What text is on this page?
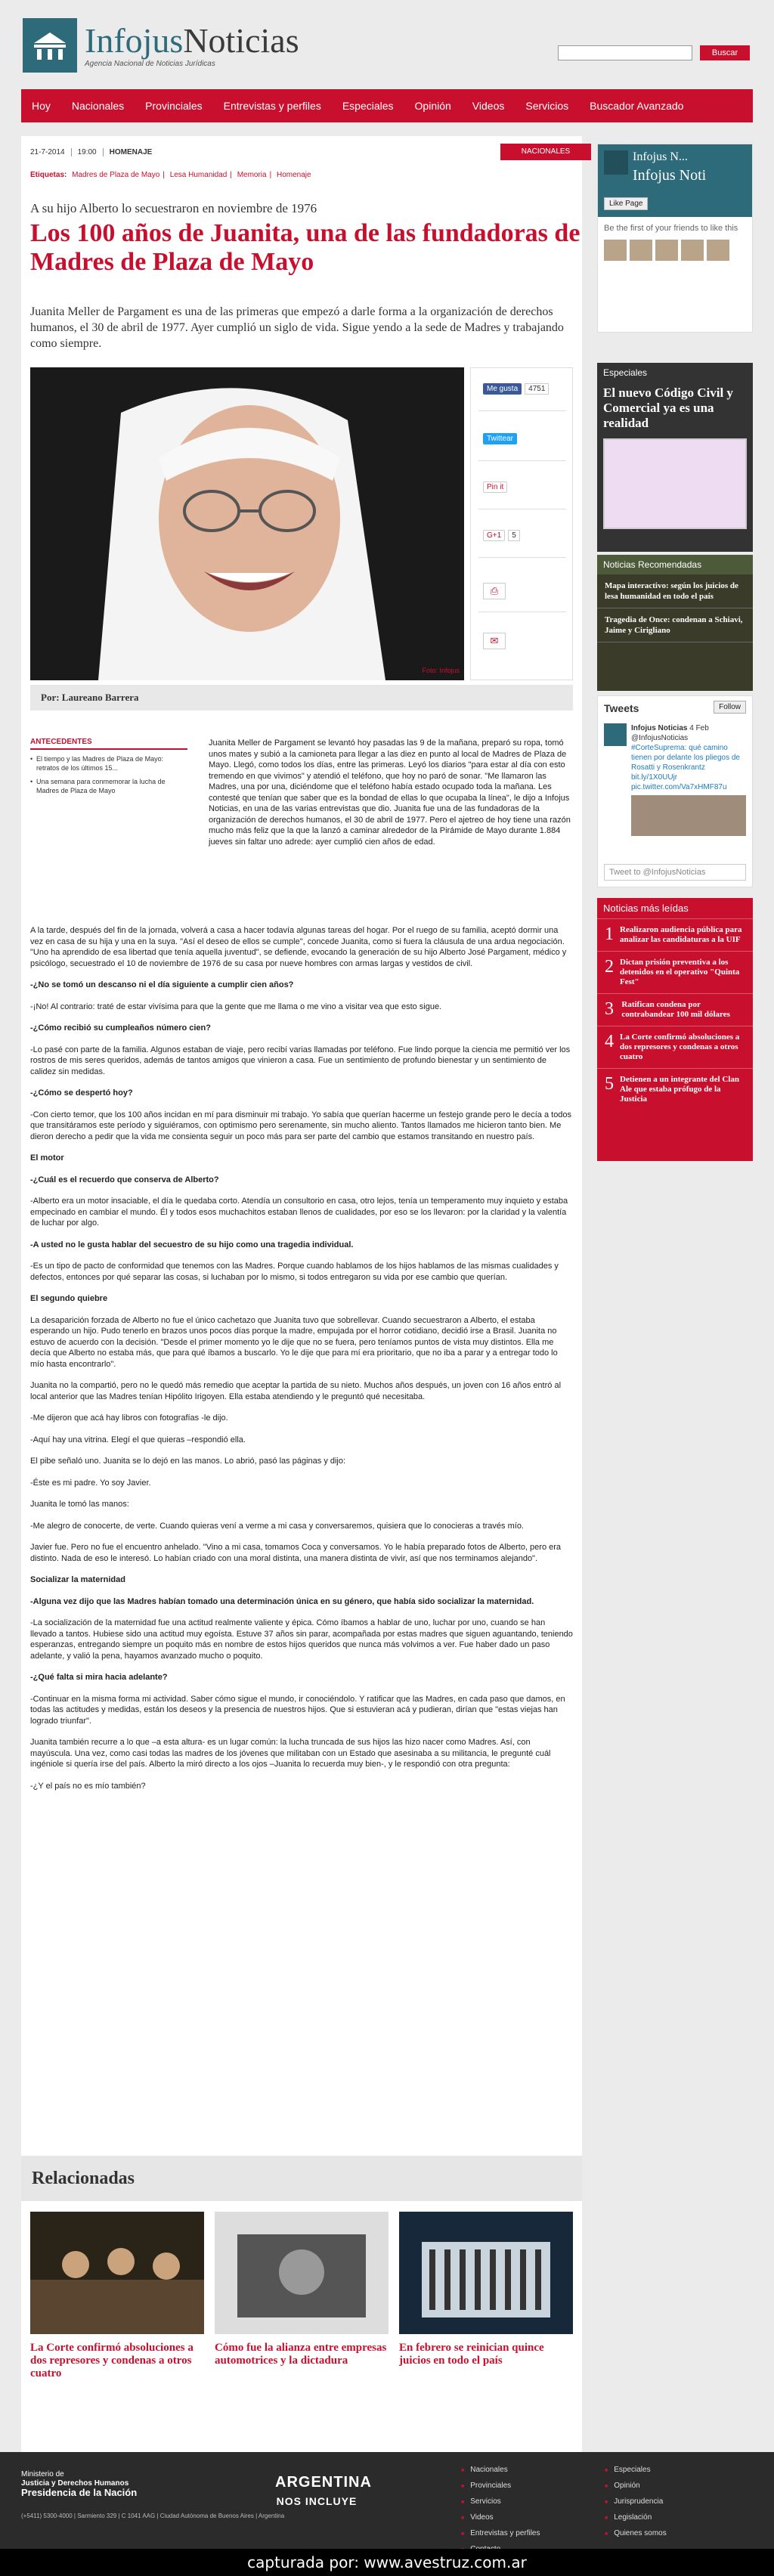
InfojusNoticias
Agencia Nacional de Noticias Jurídicas
Buscar
Hoy Nacionales Provinciales Entrevistas y perfiles Especiales Opinión Videos Servicios Buscador Avanzado
21-7-2014	19:00	HOMENAJE	NACIONALES
Etiquetas: Madres de Plaza de Mayo | Lesa Humanidad | Memoria | Homenaje
A su hijo Alberto lo secuestraron en noviembre de 1976
Los 100 años de Juanita, una de las fundadoras de Madres de Plaza de Mayo

Juanita Meller de Pargament es una de las primeras que empezó a darle forma a la organización de derechos humanos, el 30 de abril de 1977. Ayer cumplió un siglo de vida. Sigue yendo a la sede de Madres y trabajando como siempre.

Foto: Infojus
Me gusta 4751
Twittear
Pin it
G+1 5
⎙
✉
Por: Laureano Barrera
ANTECEDENTES
• El tiempo y las Madres de Plaza de Mayo: retratos de los últimos 15...
• Una semana para conmemorar la lucha de Madres de Plaza de Mayo
Juanita Meller de Pargament se levantó hoy pasadas las 9 de la mañana, preparó su ropa, tomó unos mates y subió a la camioneta para llegar a las diez en punto al local de Madres de Plaza de Mayo. Llegó, como todos los días, entre las primeras. Leyó los diarios "para estar al día con esto tremendo en que vivimos" y atendió el teléfono, que hoy no paró de sonar. "Me llamaron las Madres, una por una, diciéndome que el teléfono había estado ocupado toda la mañana. Les contesté que tenían que saber que es la bondad de ellas lo que ocupaba la línea", le dijo a Infojus Noticias, en una de las varias entrevistas que dio. Juanita fue una de las fundadoras de la organización de derechos humanos, el 30 de abril de 1977. Pero el ajetreo de hoy tiene una razón mucho más feliz que la que la lanzó a caminar alrededor de la Pirámide de Mayo durante 1.884 jueves sin faltar uno adrede: ayer cumplió cien años de edad.

A la tarde, después del fin de la jornada, volverá a casa a hacer todavía algunas tareas del hogar. Por el ruego de su familia, aceptó dormir una vez en casa de su hija y una en la suya. "Así el deseo de ellos se cumple", concede Juanita, como si fuera la cláusula de una ardua negociación. "Uno ha aprendido de esa libertad que tenía aquella juventud", se defiende, evocando la generación de su hijo Alberto José Pargament, médico y psicólogo, secuestrado el 10 de noviembre de 1976 de su casa por nueve hombres con armas largas y vestidos de civil.

-¿No se tomó un descanso ni el día siguiente a cumplir cien años?

-¡No! Al contrario: traté de estar vivísima para que la gente que me llama o me vino a visitar vea que esto sigue.

-¿Cómo recibió su cumpleaños número cien?

-Lo pasé con parte de la familia. Algunos estaban de viaje, pero recibí varias llamadas por teléfono. Fue lindo porque la ciencia me permitió ver los rostros de mis seres queridos, además de tantos amigos que vinieron a casa. Fue un sentimiento de profundo bienestar y un sentimiento de calidez sin medidas.

-¿Cómo se despertó hoy?

-Con cierto temor, que los 100 años incidan en mí para disminuir mi trabajo. Yo sabía que querían hacerme un festejo grande pero le decía a todos que transitáramos este período y siguiéramos, con optimismo pero serenamente, sin mucho aliento. Tantos llamados me hicieron tanto bien. Me dieron derecho a pedir que la vida me consienta seguir un poco más para ser parte del cambio que estamos transitando en nuestro país.

El motor

-¿Cuál es el recuerdo que conserva de Alberto?

-Alberto era un motor insaciable, el día le quedaba corto. Atendía un consultorio en casa, otro lejos, tenía un temperamento muy inquieto y estaba empecinado en cambiar el mundo. Él y todos esos muchachitos estaban llenos de cualidades, por eso se los llevaron: por la claridad y la valentía de luchar por algo.

-A usted no le gusta hablar del secuestro de su hijo como una tragedia individual.

-Es un tipo de pacto de conformidad que tenemos con las Madres. Porque cuando hablamos de los hijos hablamos de las mismas cualidades y defectos, entonces por qué separar las cosas, si luchaban por lo mismo, si todos entregaron su vida por ese cambio que querían.

El segundo quiebre

La desaparición forzada de Alberto no fue el único cachetazo que Juanita tuvo que sobrellevar. Cuando secuestraron a Alberto, el estaba esperando un hijo. Pudo tenerlo en brazos unos pocos días porque la madre, empujada por el horror cotidiano, decidió irse a Brasil. Juanita no estuvo de acuerdo con la decisión. "Desde el primer momento yo le dije que no se fuera, pero teníamos puntos de vista muy distintos. Ella me decía que Alberto no estaba más, que para qué íbamos a buscarlo. Yo le dije que para mí era prioritario, que no iba a parar y a entregar todo lo mío hasta encontrarlo".

Juanita no la compartió, pero no le quedó más remedio que aceptar la partida de su nieto. Muchos años después, un joven con 16 años entró al local anterior que las Madres tenían Hipólito Irigoyen. Ella estaba atendiendo y le preguntó qué necesitaba.

-Me dijeron que acá hay libros con fotografías -le dijo.

-Aquí hay una vitrina. Elegí el que quieras –respondió ella.

El pibe señaló uno. Juanita se lo dejó en las manos. Lo abrió, pasó las páginas y dijo:

-Éste es mi padre. Yo soy Javier.

Juanita le tomó las manos:

-Me alegro de conocerte, de verte. Cuando quieras vení a verme a mi casa y conversaremos, quisiera que lo conocieras a través mío.

Javier fue. Pero no fue el encuentro anhelado. "Vino a mi casa, tomamos Coca y conversamos. Yo le había preparado fotos de Alberto, pero era distinto. Nada de eso le interesó. Lo habían criado con una moral distinta, una manera distinta de vivir, así que nos terminamos alejando".

Socializar la maternidad

-Alguna vez dijo que las Madres habían tomado una determinación única en su género, que había sido socializar la maternidad.

-La socialización de la maternidad fue una actitud realmente valiente y épica. Cómo íbamos a hablar de uno, luchar por uno, cuando se han llevado a tantos. Hubiese sido una actitud muy egoísta. Estuve 37 años sin parar, acompañada por estas madres que siguen aguantando, teniendo esperanzas, entregando siempre un poquito más en nombre de estos hijos queridos que nunca más volvimos a ver. Fue haber dado un paso adelante, y valió la pena, hayamos avanzado mucho o poquito.

-¿Qué falta si mira hacia adelante?

-Continuar en la misma forma mi actividad. Saber cómo sigue el mundo, ir conociéndolo. Y ratificar que las Madres, en cada paso que damos, en todas las actitudes y medidas, están los deseos y la presencia de nuestros hijos. Que si estuvieran acá y pudieran, dirían que "estas viejas han logrado triunfar".

Juanita también recurre a lo que –a esta altura- es un lugar común: la lucha truncada de sus hijos las hizo nacer como Madres. Así, con mayúscula. Una vez, como casi todas las madres de los jóvenes que militaban con un Estado que asesinaba a su militancia, le pregunté cuál ingéniole si quería irse del país. Alberto la miró directo a los ojos –Juanita lo recuerda muy bien-, y le respondió con otra pregunta:

-¿Y el país no es mío también?

Relacionadas
La Corte confirmó absoluciones a dos represores y condenas a otros cuatro
Cómo fue la alianza entre empresas automotrices y la dictadura
En febrero se reinician quince juicios en todo el país
Infojus N...
Infojus Noti
Like Page
Be the first of your friends to like this
Especiales
El nuevo Código Civil y Comercial ya es una realidad
Noticias Recomendadas
Mapa interactivo: según los juicios de lesa humanidad en todo el país
Tragedia de Once: condenan a Schiavi, Jaime y Cirigliano
Tweets	Follow
Infojus Noticias 4 Feb
@InfojusNoticias
#CorteSuprema: qué camino tienen por delante los pliegos de Rosatti y Rosenkrantz bit.ly/1X0UUjr pic.twitter.com/Va7xHMF87u
Tweet to @InfojusNoticias
Noticias más leídas
1 Realizaron audiencia pública para analizar las candidaturas a la UIF
2 Dictan prisión preventiva a los detenidos en el operativo "Quinta Fest"
3 Ratifican condena por contrabandear 100 mil dólares
4 La Corte confirmó absoluciones a dos represores y condenas a otros cuatro
5 Detienen a un integrante del Clan Ale que estaba prófugo de la Justicia
Ministerio de

Justicia y Derechos Humanos
Presidencia de la Nación
(+5411) 5300-4000 | Sarmiento 329 | C 1041 AAG | Ciudad Autónoma de Buenos Aires | Argentina
ARGENTINA
NOS INCLUYE
■ Nacionales
■ Provinciales
■ Servicios
■ Videos
■ Entrevistas y perfiles
■
■ Especiales
■ Opinión
■ Jurisprudencia
■ Legislación
■ Quienes somos
capturada por: www.avestruz.com.ar
